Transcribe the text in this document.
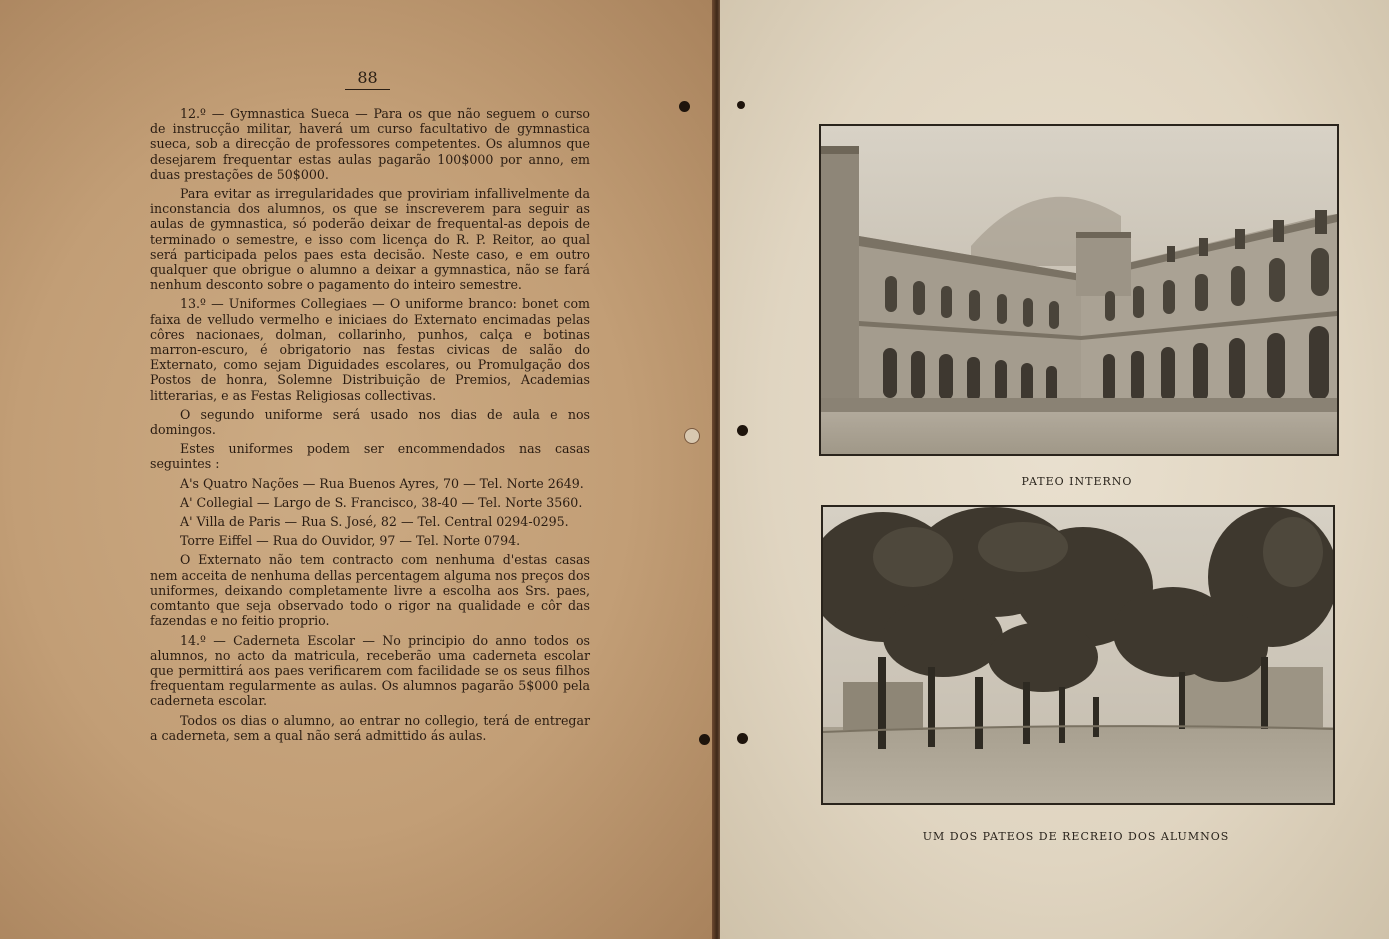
88

12.º — Gymnastica Sueca — Para os que não seguem o curso de instrucção militar, haverá um curso facultativo de gymnastica sueca, sob a direcção de professores competentes. Os alumnos que desejarem frequentar estas aulas pagarão 100$000 por anno, em duas prestações de 50$000.

Para evitar as irregularidades que proviriam infallivelmente da inconstancia dos alumnos, os que se inscreverem para seguir as aulas de gymnastica, só poderão deixar de frequental-as depois de terminado o semestre, e isso com licença do R. P. Reitor, ao qual será participada pelos paes esta decisão. Neste caso, e em outro qualquer que obrigue o alumno a deixar a gymnastica, não se fará nenhum desconto sobre o pagamento do inteiro semestre.

13.º — Uniformes Collegiaes — O uniforme branco: bonet com faixa de velludo vermelho e iniciaes do Externato encimadas pelas côres nacionaes, dolman, collarinho, punhos, calça e botinas marron-escuro, é obrigatorio nas festas civicas de salão do Externato, como sejam Diguidades escolares, ou Promulgação dos Postos de honra, Solemne Distribuição de Premios, Academias litterarias, e as Festas Religiosas collectivas.

O segundo uniforme será usado nos dias de aula e nos domingos.

Estes uniformes podem ser encommendados nas casas seguintes :

A's Quatro Nações — Rua Buenos Ayres, 70 — Tel. Norte 2649.

A' Collegial — Largo de S. Francisco, 38-40 — Tel. Norte 3560.

A' Villa de Paris — Rua S. José, 82 — Tel. Central 0294-0295.

Torre Eiffel — Rua do Ouvidor, 97 — Tel. Norte 0794.

O Externato não tem contracto com nenhuma d'estas casas nem acceita de nenhuma dellas percentagem alguma nos preços dos uniformes, deixando completamente livre a escolha aos Srs. paes, comtanto que seja observado todo o rigor na qualidade e côr das fazendas e no feitio proprio.

14.º — Caderneta Escolar — No principio do anno todos os alumnos, no acto da matricula, receberão uma caderneta escolar que permittirá aos paes verificarem com facilidade se os seus filhos frequentam regularmente as aulas. Os alumnos pagarão 5$000 pela caderneta escolar.

Todos os dias o alumno, ao entrar no collegio, terá de entregar a caderneta, sem a qual não será admittido ás aulas.

PATEO INTERNO
UM DOS PATEOS DE RECREIO DOS ALUMNOS
